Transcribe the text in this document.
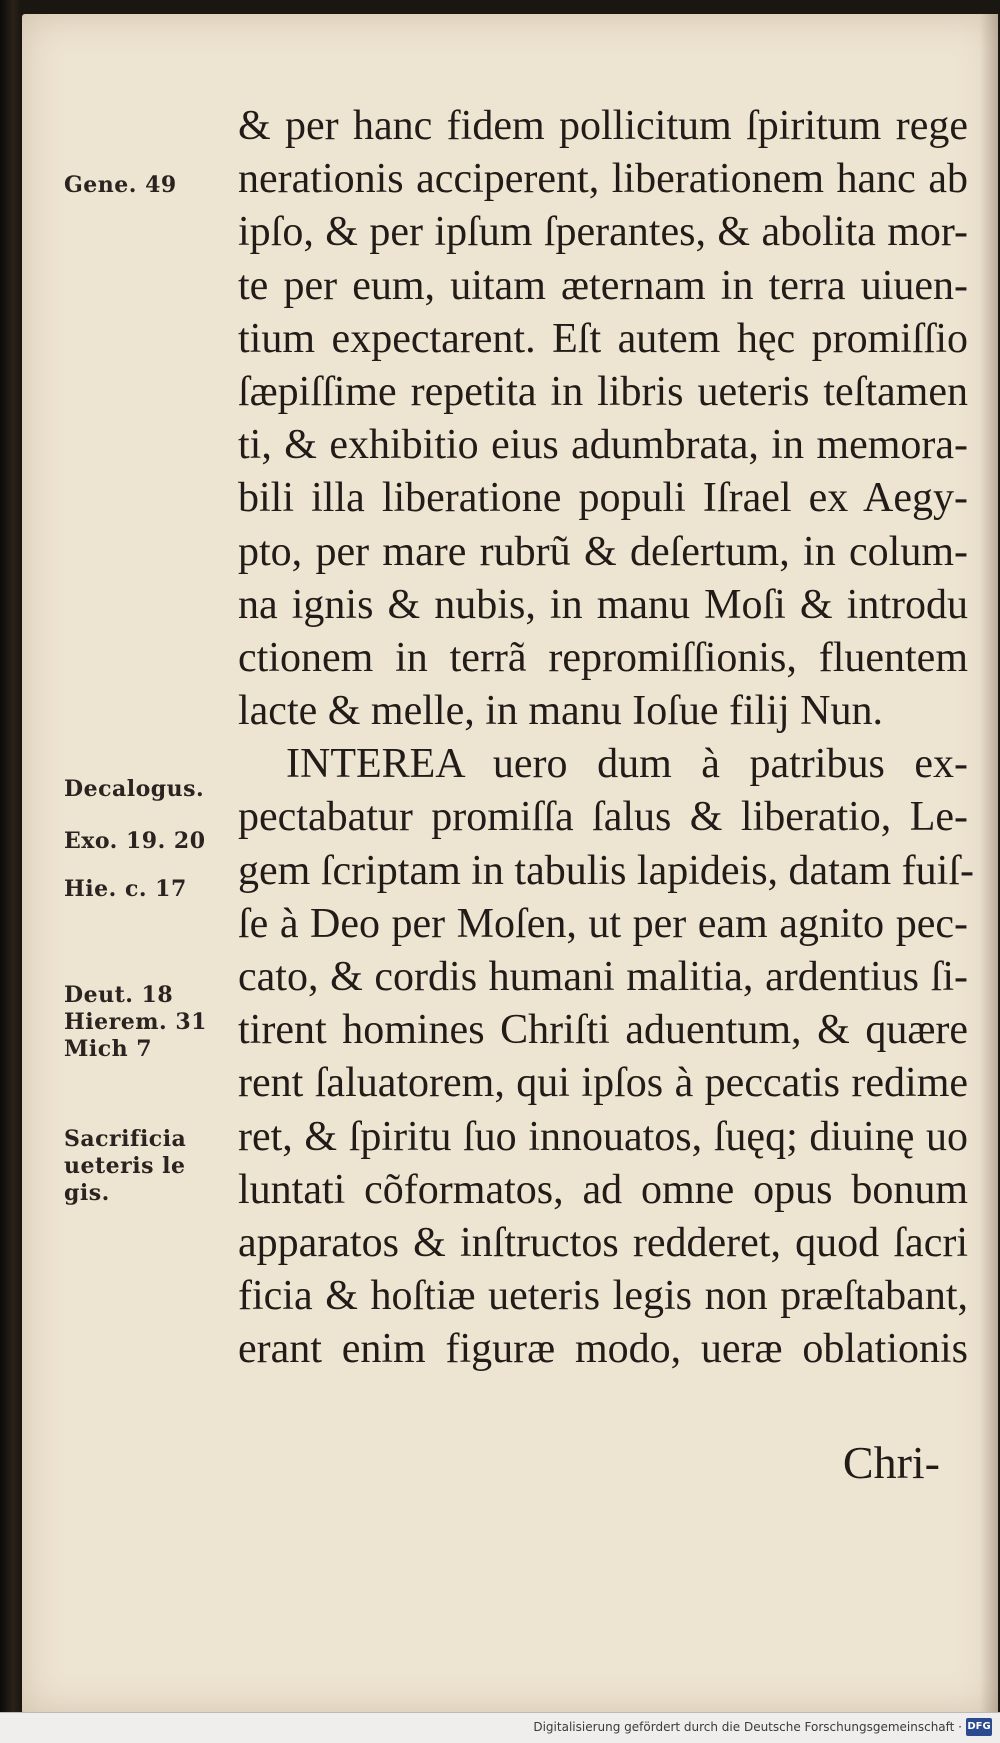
Gene. 49
Decalogus.
Exo. 19. 20
Hie. c. 17
Deut. 18
Hierem. 31
Mich 7
Sacrificia
ueteris le
gis.
& per hanc fidem pollicitum ſpiritum rege
nerationis acciperent, liberationem hanc ab
ipſo, & per ipſum ſperantes, & abolita mor-
te per eum, uitam æternam in terra uiuen-
tium expectarent. Eſt autem hęc promiſſio
ſæpiſſime repetita in libris ueteris teſtamen
ti, & exhibitio eius adumbrata, in memora-
bili illa liberatione populi Iſrael ex Aegy-
pto, per mare rubrũ & deſertum, in colum-
na ignis & nubis, in manu Moſi & introdu
ctionem in terrã repromiſſionis, fluentem
lacte & melle, in manu Ioſue filij Nun.
INTEREA uero dum à patribus ex-
pectabatur promiſſa ſalus & liberatio, Le-
gem ſcriptam in tabulis lapideis, datam fuiſ-
ſe à Deo per Moſen, ut per eam agnito pec-
cato, & cordis humani malitia, ardentius ſi-
tirent homines Chriſti aduentum, & quære
rent ſaluatorem, qui ipſos à peccatis redime
ret, & ſpiritu ſuo innouatos, ſuęq; diuinę uo
luntati cõformatos, ad omne opus bonum
apparatos & inſtructos redderet, quod ſacri
ficia & hoſtiæ ueteris legis non præſtabant,
erant enim figuræ modo, ueræ oblationis
Chri-
Digitalisierung gefördert durch die Deutsche Forschungsgemeinschaft · DFG
